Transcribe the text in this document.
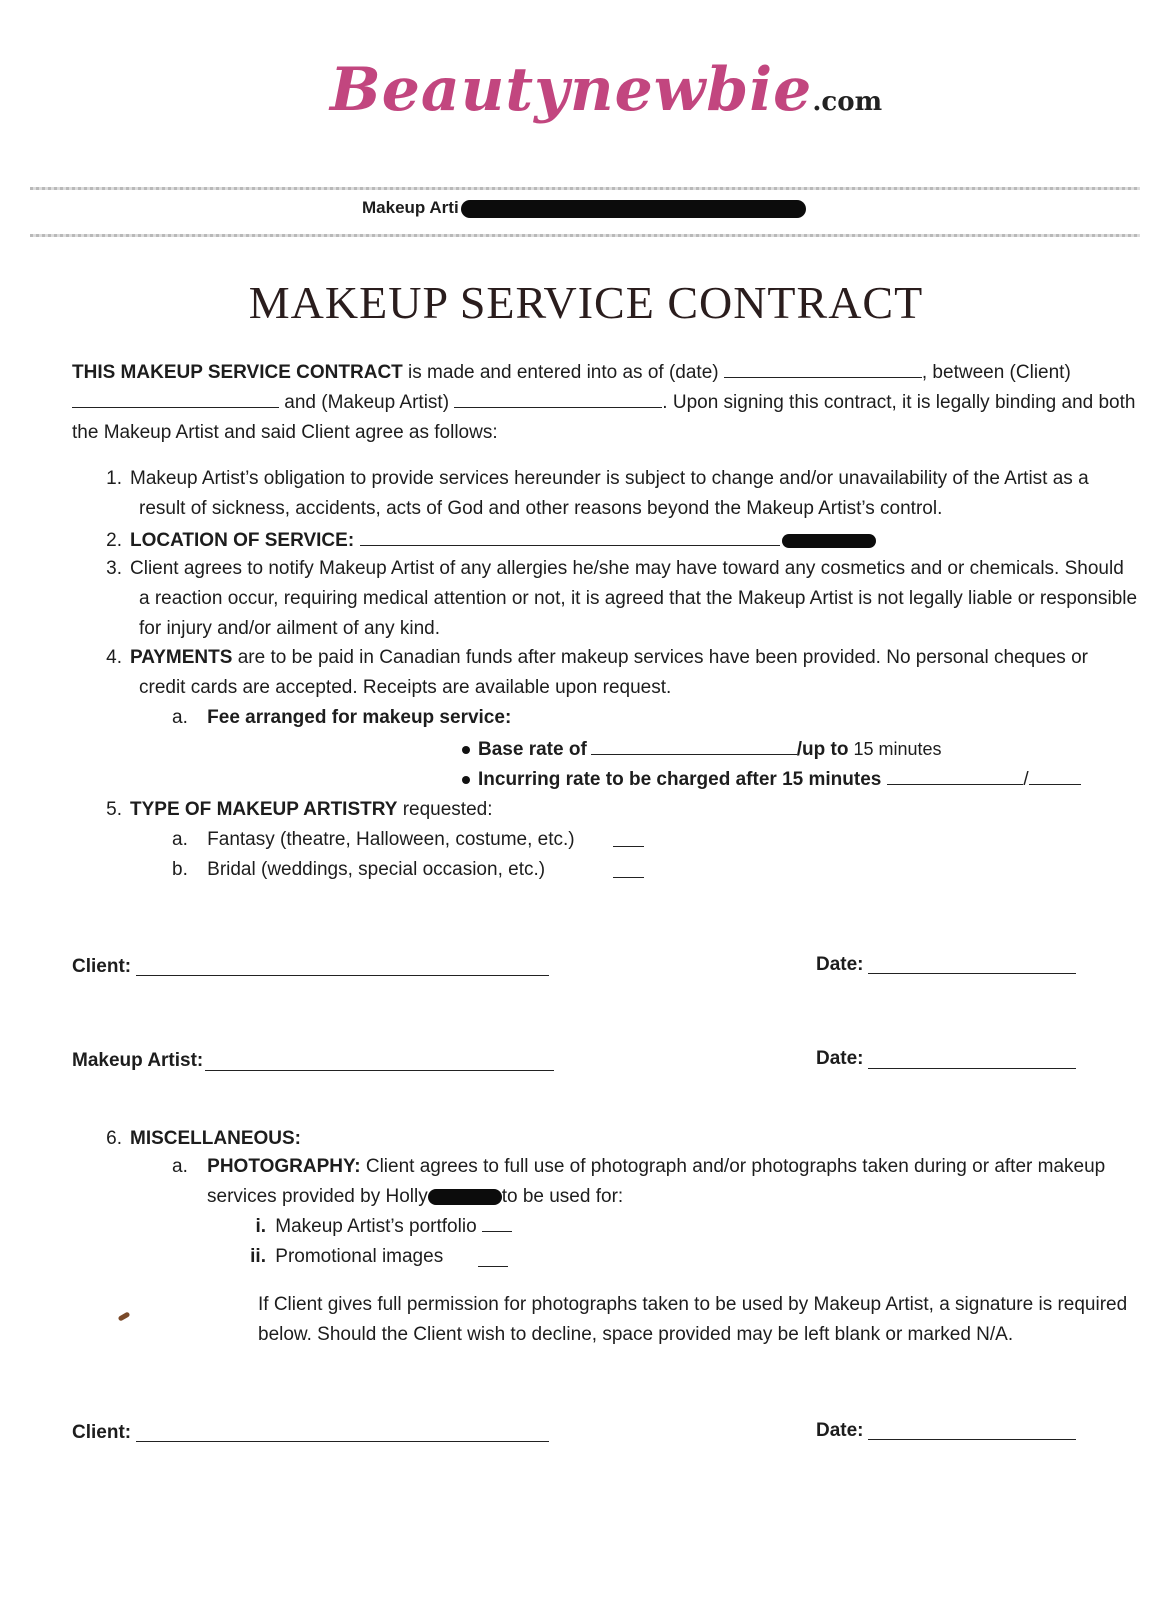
Beautynewbie.com
Makeup Arti
MAKEUP SERVICE CONTRACT
THIS MAKEUP SERVICE CONTRACT is made and entered into as of (date)	, between (Client)
and (Makeup Artist)	. Upon signing this contract, it is legally binding and both
the Makeup Artist and said Client agree as follows:
1. Makeup Artist’s obligation to provide services hereunder is subject to change and/or unavailability of the Artist as a
result of sickness, accidents, acts of God and other reasons beyond the Makeup Artist’s control.
2. LOCATION OF SERVICE:
3. Client agrees to notify Makeup Artist of any allergies he/she may have toward any cosmetics and or chemicals. Should
a reaction occur, requiring medical attention or not, it is agreed that the Makeup Artist is not legally liable or responsible
for injury and/or ailment of any kind.
4. PAYMENTS are to be paid in Canadian funds after makeup services have been provided. No personal cheques or
credit cards are accepted. Receipts are available upon request.
a. Fee arranged for makeup service:
Base rate of	/up to 15 minutes
Incurring rate to be charged after 15 minutes	/
5. TYPE OF MAKEUP ARTISTRY requested:
a. Fantasy (theatre, Halloween, costume, etc.)
b. Bridal (weddings, special occasion, etc.)
Client:	Date:
Makeup Artist:	Date:
6. MISCELLANEOUS:
a. PHOTOGRAPHY: Client agrees to full use of photograph and/or photographs taken during or after makeup
services provided by Holly	to be used for:
i. Makeup Artist’s portfolio
ii. Promotional images
If Client gives full permission for photographs taken to be used by Makeup Artist, a signature is required
below. Should the Client wish to decline, space provided may be left blank or marked N/A.
Client:	Date:
